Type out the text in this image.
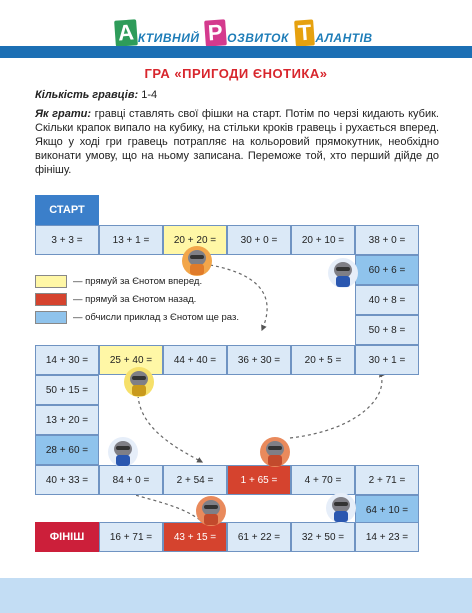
А КТИВНИЙ Р ОЗВИТОК Т АЛАНТІВ
ГРА «ПРИГОДИ ЄНОТИКА»
Кількість гравців: 1-4
Як грати: гравці ставлять свої фішки на старт. Потім по черзі кидають кубик. Скільки крапок випало на кубику, на стільки кроків гравець і рухається вперед. Якщо у ході гри гравець потрапляє на кольоровий прямокутник, необхідно виконати умову, що на ньому записана. Переможе той, хто перший дійде до фінішу.
СТАРТ
3 + 3 =	13 + 1 =	20 + 20 =	30 + 0 =	20 + 10 =	38 + 0 =
60 + 6 =
40 + 8 =
50 + 8 =
30 + 1 =
20 + 5 =
36 + 30 =
44 + 40 =
25 + 40 =
14 + 30 =
50 + 15 =
13 + 20 =
28 + 60 =
40 + 33 =	84 + 0 =	2 + 54 =	1 + 65 =	4 + 70 =	2 + 71 =
64 + 10 =
14 + 23 =
32 + 50 =
61 + 22 =
43 + 15 =
16 + 71 =
ФІНІШ
— прямуй за Єнотом вперед.
— прямуй за Єнотом назад.
— обчисли приклад з Єнотом ще раз.
